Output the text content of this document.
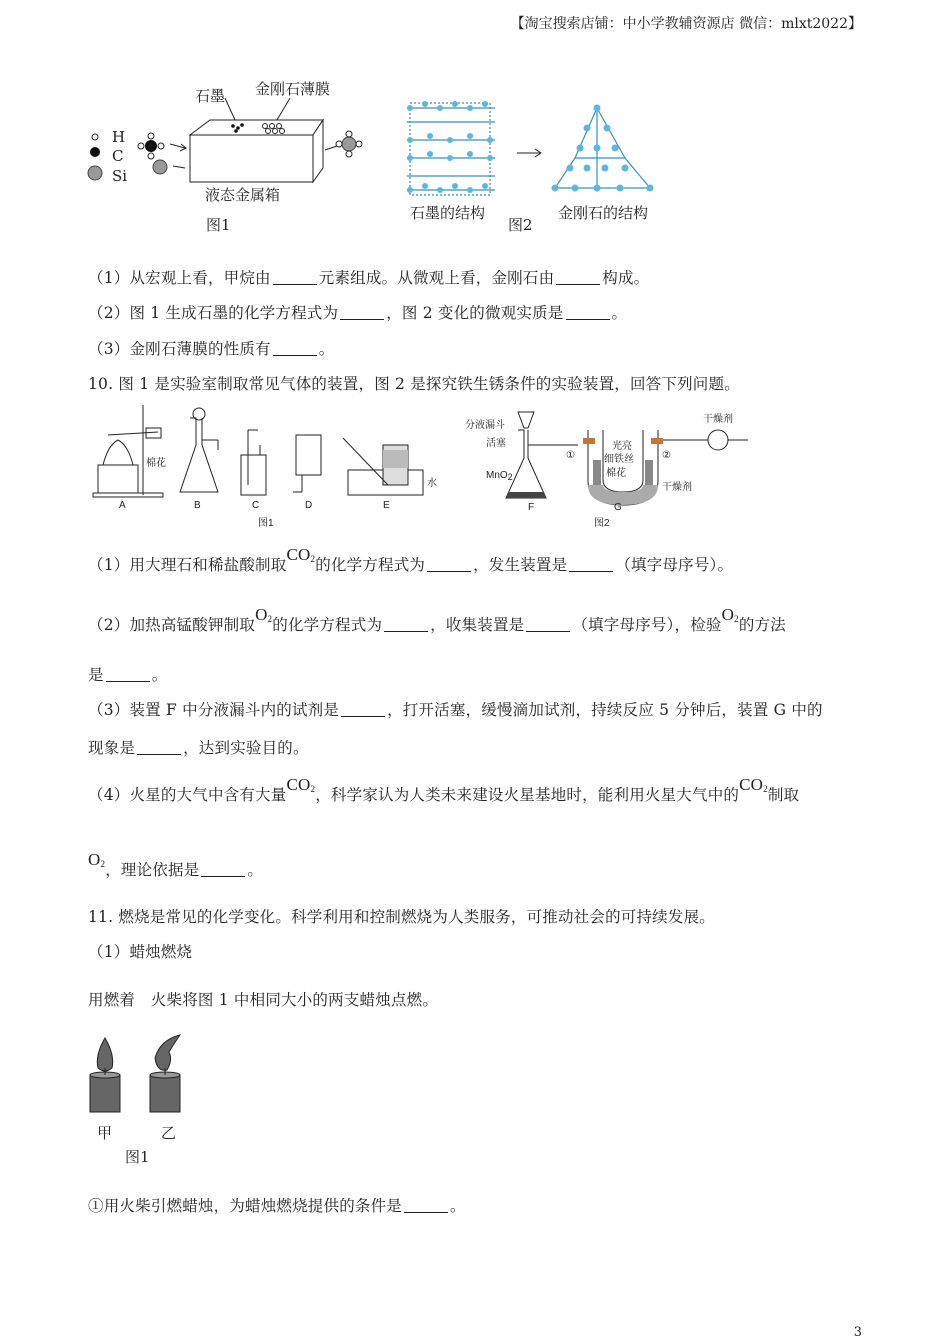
【淘宝搜索店铺：中小学教辅资源店 微信：mlxt2022】
H
C
Si
石墨 金刚石薄膜
液态金属箱
图1
石墨的结构
图2
金刚石的结构
（1）从宏观上看，甲烷由	元素组成。从微观上看，金刚石由	构成。
（2）图 1 生成石墨的化学方程式为	，图 2 变化的微观实质是	。
（3）金刚石薄膜的性质有	。
10. 图 1 是实验室制取常见气体的装置，图 2 是探究铁生锈条件的实验装置，回答下列问题。
棉花
水
A	B	C	D	E
图1
分液漏斗
活塞
MnO2
F
图2
G
光亮
细铁丝
棉花
①	②
干燥剂
干燥剂
（1）用大理石和稀盐酸制取$CO_2$的化学方程式为	，发生装置是	（填字母序号）。
（2）加热高锰酸钾制取$O_2$的化学方程式为	，收集装置是	（填字母序号），检验$O_2$的方法
是	。
（3）装置 F 中分液漏斗内的试剂是	，打开活塞，缓慢滴加试剂，持续反应 5 分钟后，装置 G 中的
现象是	，达到实验目的。
（4）火星的大气中含有大量$CO_2$，科学家认为人类未来建设火星基地时，能利用火星大气中的$CO_2$制取
$O_2$，理论依据是	。
11. 燃烧是常见的化学变化。科学利用和控制燃烧为人类服务，可推动社会的可持续发展。
（1）蜡烛燃烧
用燃着　火柴将图 1 中相同大小的两支蜡烛点燃。
甲	乙
图1
①用火柴引燃蜡烛，为蜡烛燃烧提供的条件是	。
3
